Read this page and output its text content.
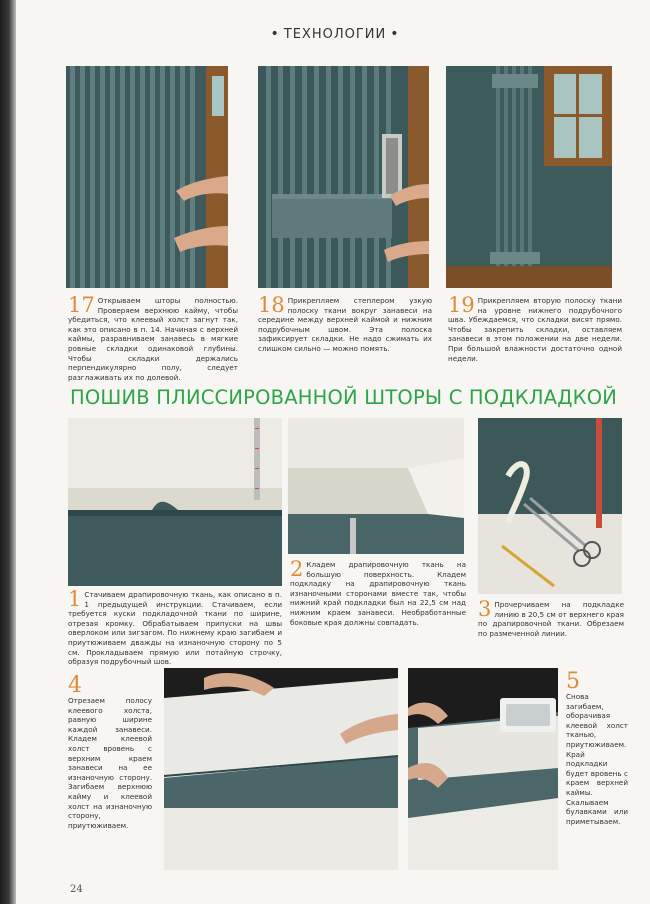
• ТЕХНОЛОГИИ •

17 Открываем шторы полностью. Проверяем верхнюю кайму, чтобы убедиться, что клеевый холст загнут так, как это описано в п. 14. Начиная с верхней каймы, разравниваем занавесь в мягкие ровные складки одинаковой глубины. Чтобы складки держались перпендикулярно полу, следует разглаживать их по долевой.

18 Прикрепляем степлером узкую полоску ткани вокруг занавеси на середине между верхней каймой и нижним подрубочным швом. Эта полоска зафиксирует складки. Не надо сжимать их слишком сильно — можно помять.

19 Прикрепляем вторую полоску ткани на уровне нижнего подрубочного шва. Убеждаемся, что складки висят прямо. Чтобы закрепить складки, оставляем занавеси в этом положении на две недели. При большой влажности достаточно одной недели.

ПОШИВ ПЛИССИРОВАННОЙ ШТОРЫ С ПОДКЛАДКОЙ

1 Стачиваем драпировочную ткань, как описано в п. 1 предыдущей инструкции. Стачиваем, если требуется куски подкладочной ткани по ширине, отрезая кромку. Обрабатываем припуски на швы оверлоком или зигзагом. По нижнему краю загибаем и приутюживаем дважды на изнаночную сторону по 5 см. Прокладываем прямую или потайную строчку, образуя подрубочный шов.

2 Кладем драпировочную ткань на большую поверхность. Кладем подкладку на драпировочную ткань изнаночными сторонами вместе так, чтобы нижний край подкладки был на 22,5 см над нижним краем занавеси. Необработанные боковые края должны совпадать.

3 Прочерчиваем на подкладке линию в 20,5 см от верхнего края по драпировочной ткани. Обрезаем по размеченной линии.

4
Отрезаем полосу клеевого холста, равную ширине каждой занавеси. Кладем клеевой холст вровень с верхним краем занавеси на ее изнаночную сторону. Загибаем верхнюю кайму и клеевой холст на изнаночную сторону, приутюживаем.
5
Снова загибаем, оборачивая клеевой холст тканью, приутюживаем. Край подкладки будет вровень с краем верхней каймы. Скалываем булавками или приметываем.
24
